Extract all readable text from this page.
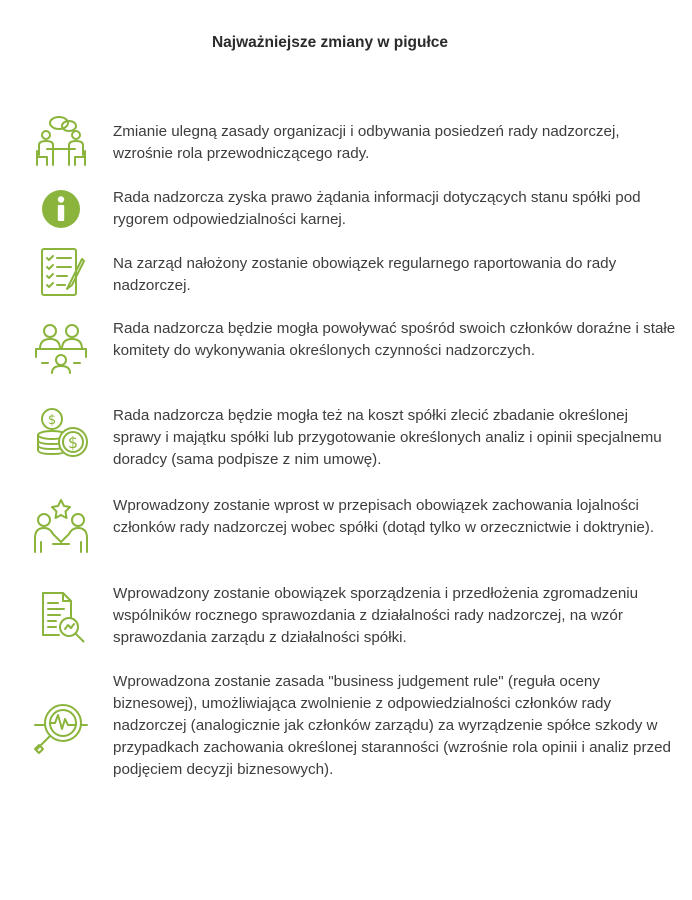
Najważniejsze zmiany w pigułce
Zmianie ulegną zasady organizacji i odbywania posiedzeń rady nadzorczej, wzrośnie rola przewodniczącego rady.
Rada nadzorcza zyska prawo żądania informacji dotyczących stanu spółki pod rygorem odpowiedzialności karnej.
Na zarząd nałożony zostanie obowiązek regularnego raportowania do rady nadzorczej.
Rada nadzorcza będzie mogła powoływać spośród swoich członków doraźne i stałe komitety do wykonywania określonych czynności nadzorczych.
$
$
Rada nadzorcza będzie mogła też na koszt spółki zlecić zbadanie określonej sprawy i majątku spółki lub przygotowanie określonych analiz i opinii specjalnemu doradcy (sama podpisze z nim umowę).
Wprowadzony zostanie wprost w przepisach obowiązek zachowania lojalności członków rady nadzorczej wobec spółki (dotąd tylko w orzecznictwie i doktrynie).
Wprowadzony zostanie obowiązek sporządzenia i przedłożenia zgromadzeniu wspólników rocznego sprawozdania z działalności rady nadzorczej, na wzór sprawozdania zarządu z działalności spółki.
Wprowadzona zostanie zasada "business judgement rule" (reguła oceny biznesowej), umożliwiająca zwolnienie z odpowiedzialności członków rady nadzorczej (analogicznie jak członków zarządu) za wyrządzenie spółce szkody w przypadkach zachowania określonej staranności (wzrośnie rola opinii i analiz przed podjęciem decyzji biznesowych).
